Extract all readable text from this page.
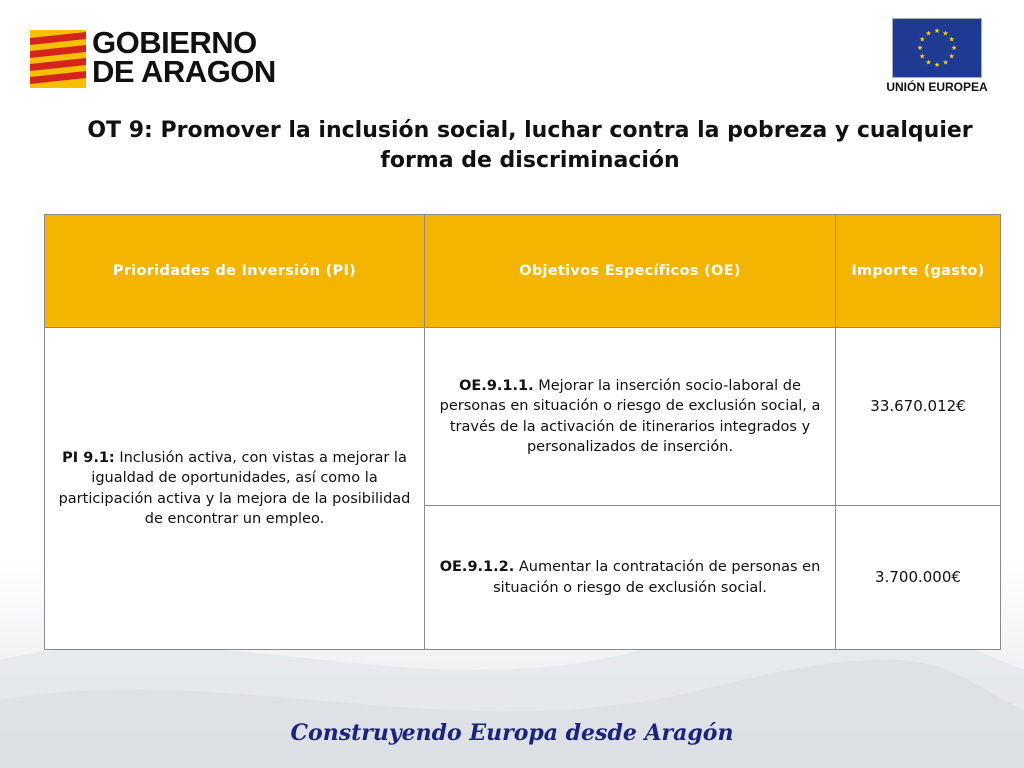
GOBIERNO
DE ARAGON
★ ★
★
★
★
★
★
★
★
★
★
★
UNIÓN EUROPEA
OT 9: Promover la inclusión social, luchar contra la pobreza y cualquier forma de discriminación
Prioridades de Inversión (PI)	Objetivos Específicos (OE)	Importe (gasto)
PI 9.1: Inclusión activa, con vistas a mejorar la igualdad de oportunidades, así como la participación activa y la mejora de la posibilidad de encontrar un empleo.	OE.9.1.1. Mejorar la inserción socio-laboral de personas en situación o riesgo de exclusión social, a través de la activación de itinerarios integrados y personalizados de inserción.	33.670.012€
	OE.9.1.2. Aumentar la contratación de personas en situación o riesgo de exclusión social.	3.700.000€
Construyendo Europa desde Aragón
